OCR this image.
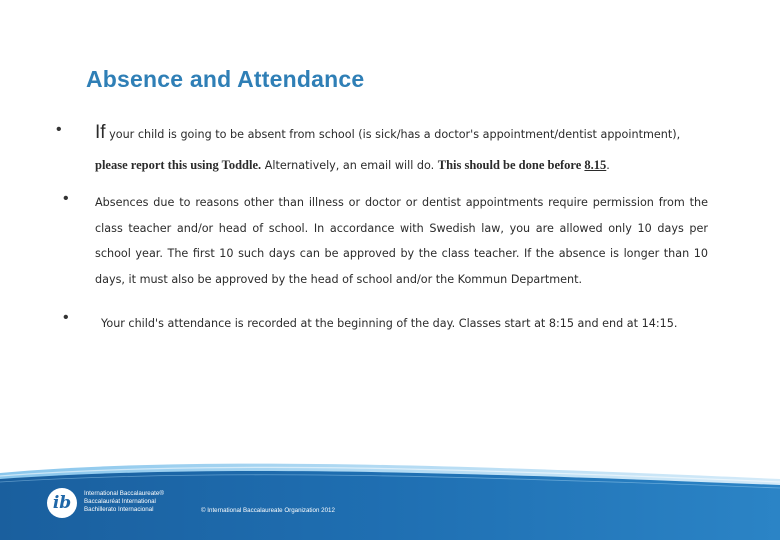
Absence and Attendance
• If your child is going to be absent from school (is sick/has a doctor's appointment/dentist appointment),
please report this using Toddle. Alternatively, an email will do. This should be done before 8.15.
• Absences due to reasons other than illness or doctor or dentist appointments require permission from the class teacher and/or head of school. In accordance with Swedish law, you are allowed only 10 days per school year. The first 10 such days can be approved by the class teacher. If the absence is longer than 10 days, it must also be approved by the head of school and/or the Kommun Department.
•	Your child's attendance is recorded at the beginning of the day. Classes start at 8:15 and end at 14:15.
ib	International Baccalaureate®
Baccalauréat International
Bachillerato Internacional	© International Baccalaureate Organization 2012
